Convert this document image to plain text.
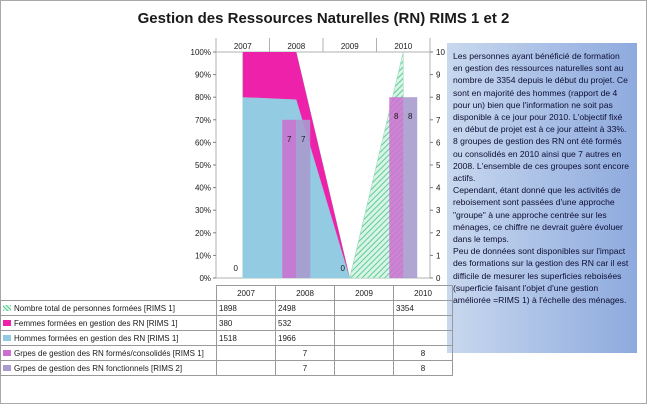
Gestion des Ressources Naturelles (RN) RIMS 1 et 2
2007	2008	2009	2010
0%
10%
20%
30%
40%
50%
60%
70%
80%
90%
100%
0
1
2
3
4
5
6
7
8
9
10
0
7
0
8
7
8
Les personnes ayant bénéficié de formation en gestion des ressources naturelles sont au nombre de 3354 depuis le début du projet. Ce sont en majorité des hommes (rapport de 4 pour un) bien que l'information ne soit pas disponible à ce jour pour 2010. L'objectif fixé en début de projet est à ce jour atteint à 33%.
8 groupes de gestion des RN ont été formés ou consolidés en 2010 ainsi que 7 autres en 2008. L'ensemble de ces groupes sont encore actifs.
Cependant, étant donné que les activités de reboisement sont passées d'une approche "groupe" à une approche centrée sur les ménages, ce chiffre ne devrait guère évoluer dans le temps.
Peu de données sont disponibles sur l'impact des formations sur la gestion des RN car il est difficile de mesurer les superficies reboisées (superficie faisant l'objet d'une gestion améliorée =RIMS 1) à l'échelle des ménages.
	2007	2008	2009	2010
Nombre total de personnes formées [RIMS 1]	1898	2498		3354
Femmes formées en gestion des RN [RIMS 1]	380	532		
Hommes formées en gestion des RN [RIMS 1]	1518	1966		
Grpes de gestion des RN formés/consolidés [RIMS 1]		7		8
Grpes de gestion des RN fonctionnels [RIMS 2]		7		8
